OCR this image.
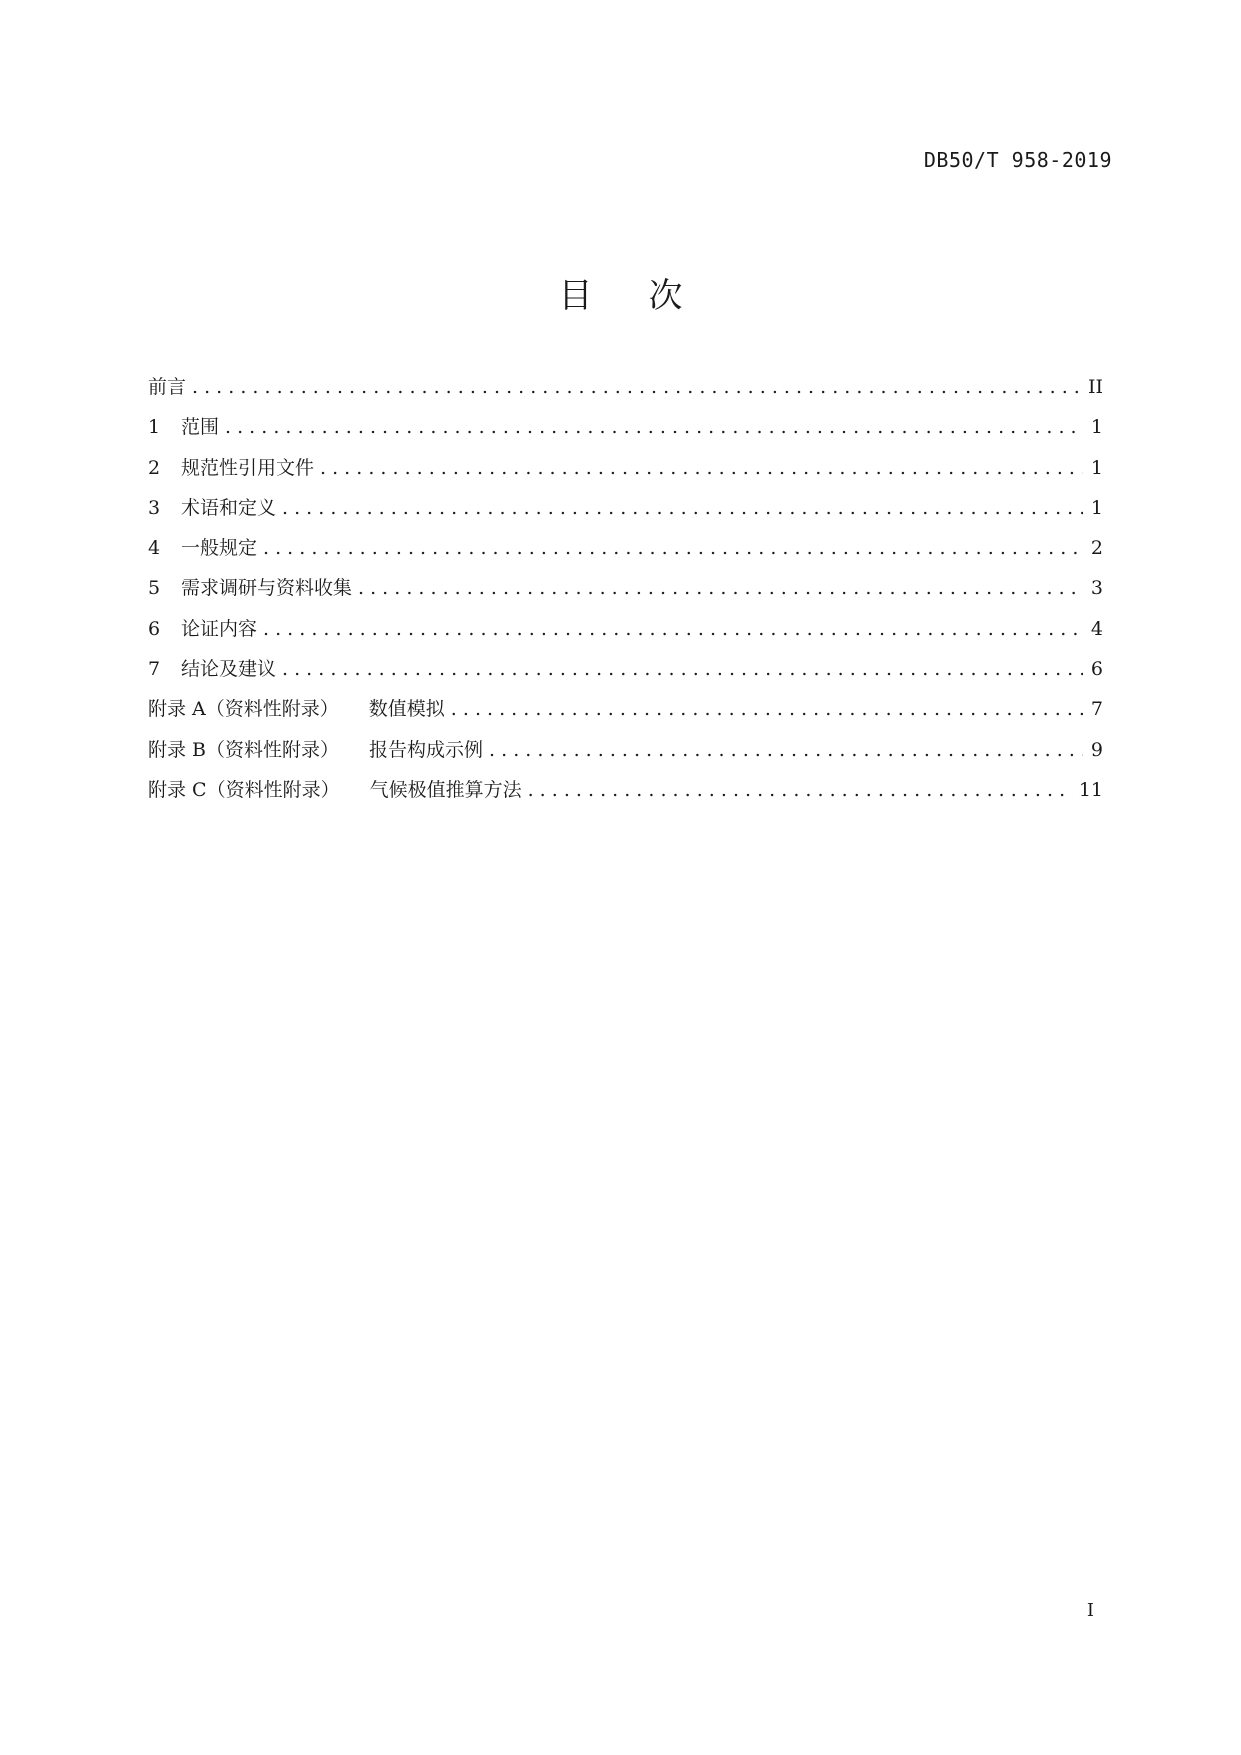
DB50/T 958-2019
目次
前言 . . .	II
1	范围 . . .	1
2	规范性引用文件 . . .	1
3	术语和定义 . . .	1
4	一般规定 . . .	2
5	需求调研与资料收集 . . .	3
6	论证内容 . . .	4
7	结论及建议 . . .	6
附录 A（资料性附录） 数值模拟 . . .	7
附录 B（资料性附录） 报告构成示例 . . .	9
附录 C（资料性附录） 气候极值推算方法 . . .	11
I
